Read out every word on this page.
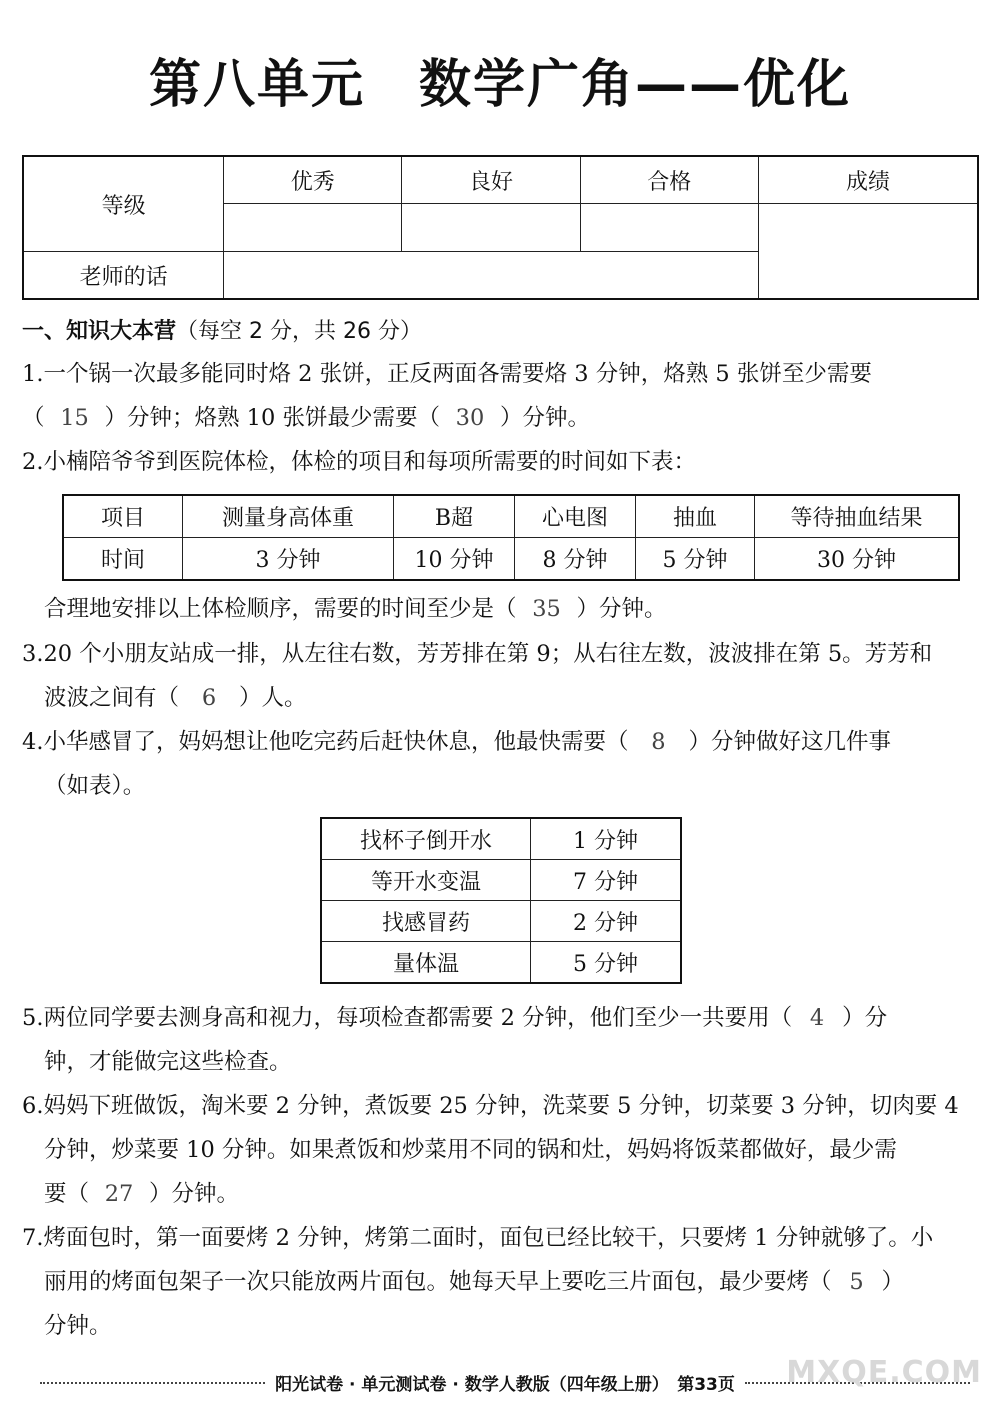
第八单元　数学广角——优化
等级	优秀	良好	合格	成绩

老师的话				
一、知识大本营（每空 2 分，共 26 分）
1.一个锅一次最多能同时烙 2 张饼，正反两面各需要烙 3 分钟，烙熟 5 张饼至少需要
（ 15 ）分钟；烙熟 10 张饼最少需要（ 30 ）分钟。
2.小楠陪爷爷到医院体检，体检的项目和每项所需要的时间如下表：
项目	测量身高体重	B超	心电图	抽血	等待抽血结果
时间	3 分钟	10 分钟	8 分钟	5 分钟	30 分钟
合理地安排以上体检顺序，需要的时间至少是（ 35 ）分钟。
3.20 个小朋友站成一排，从左往右数，芳芳排在第 9；从右往左数，波波排在第 5。芳芳和
波波之间有（ 6 ）人。
4.小华感冒了，妈妈想让他吃完药后赶快休息，他最快需要（ 8 ）分钟做好这几件事
（如表）。
找杯子倒开水	1 分钟
等开水变温	7 分钟
找感冒药	2 分钟
量体温	5 分钟
5.两位同学要去测身高和视力，每项检查都需要 2 分钟，他们至少一共要用（ 4 ）分
钟，才能做完这些检查。
6.妈妈下班做饭，淘米要 2 分钟，煮饭要 25 分钟，洗菜要 5 分钟，切菜要 3 分钟，切肉要 4
分钟，炒菜要 10 分钟。如果煮饭和炒菜用不同的锅和灶，妈妈将饭菜都做好，最少需
要（ 27 ）分钟。
7.烤面包时，第一面要烤 2 分钟，烤第二面时，面包已经比较干，只要烤 1 分钟就够了。小
丽用的烤面包架子一次只能放两片面包。她每天早上要吃三片面包，最少要烤（ 5 ）
分钟。
阳光试卷 · 单元测试卷 · 数学人教版（四年级上册）　第33页 MXQE.COM
